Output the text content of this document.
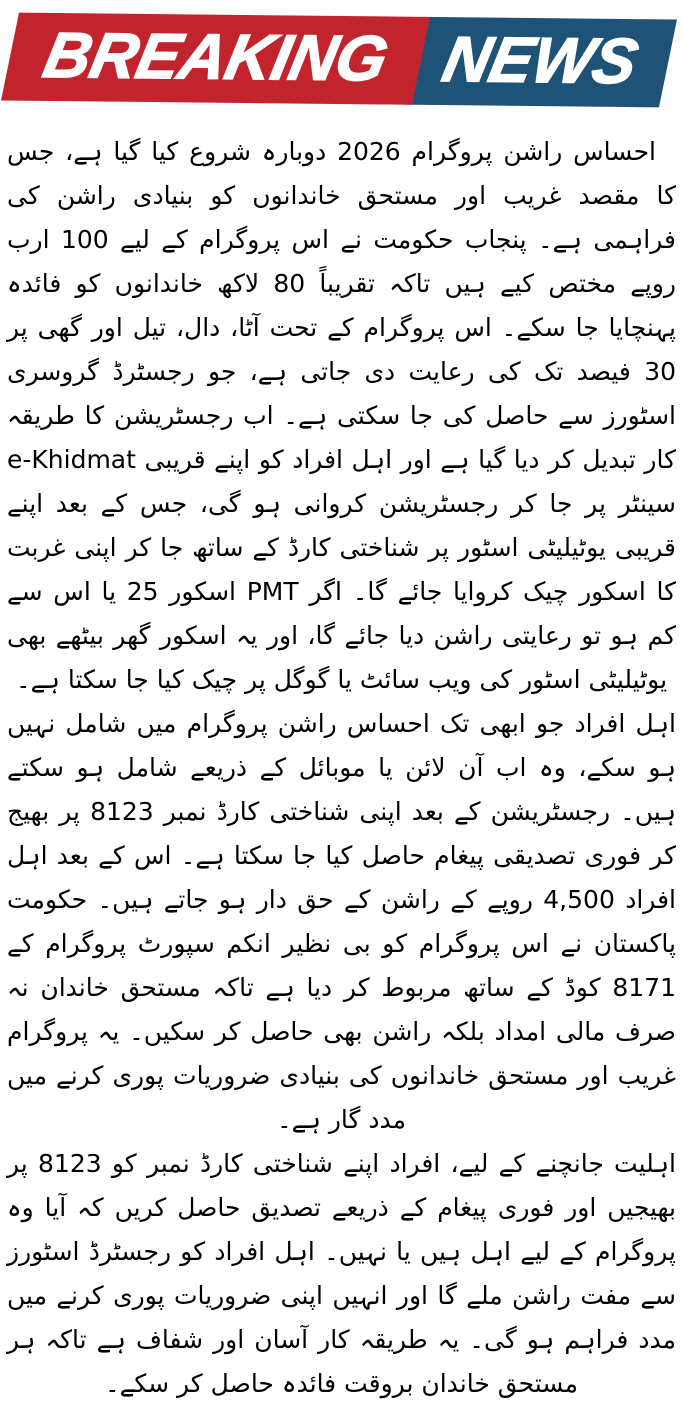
BREAKING NEWS

احساس راشن پروگرام 2026 دوبارہ شروع کیا گیا ہے، جس کا مقصد غریب اور مستحق خاندانوں کو بنیادی راشن کی فراہمی ہے۔ پنجاب حکومت نے اس پروگرام کے لیے 100 ارب روپے مختص کیے ہیں تاکہ تقریباً 80 لاکھ خاندانوں کو فائدہ پہنچایا جا سکے۔ اس پروگرام کے تحت آٹا، دال، تیل اور گھی پر 30 فیصد تک کی رعایت دی جاتی ہے، جو رجسٹرڈ گروسری اسٹورز سے حاصل کی جا سکتی ہے۔ اب رجسٹریشن کا طریقہ کار تبدیل کر دیا گیا ہے اور اہل افراد کو اپنے قریبی e-Khidmat سینٹر پر جا کر رجسٹریشن کروانی ہو گی، جس کے بعد اپنے قریبی یوٹیلیٹی اسٹور پر شناختی کارڈ کے ساتھ جا کر اپنی غربت کا اسکور چیک کروایا جائے گا۔ اگر PMT اسکور 25 یا اس سے کم ہو تو رعایتی راشن دیا جائے گا، اور یہ اسکور گھر بیٹھے بھی یوٹیلیٹی اسٹور کی ویب سائٹ یا گوگل پر چیک کیا جا سکتا ہے۔

اہل افراد جو ابھی تک احساس راشن پروگرام میں شامل نہیں ہو سکے، وہ اب آن لائن یا موبائل کے ذریعے شامل ہو سکتے ہیں۔ رجسٹریشن کے بعد اپنی شناختی کارڈ نمبر 8123 پر بھیج کر فوری تصدیقی پیغام حاصل کیا جا سکتا ہے۔ اس کے بعد اہل افراد 4,500 روپے کے راشن کے حق دار ہو جاتے ہیں۔ حکومت پاکستان نے اس پروگرام کو بی نظیر انکم سپورٹ پروگرام کے 8171 کوڈ کے ساتھ مربوط کر دیا ہے تاکہ مستحق خاندان نہ صرف مالی امداد بلکہ راشن بھی حاصل کر سکیں۔ یہ پروگرام غریب اور مستحق خاندانوں کی بنیادی ضروریات پوری کرنے میں مدد گار ہے۔

اہلیت جانچنے کے لیے، افراد اپنے شناختی کارڈ نمبر کو 8123 پر بھیجیں اور فوری پیغام کے ذریعے تصدیق حاصل کریں کہ آیا وہ پروگرام کے لیے اہل ہیں یا نہیں۔ اہل افراد کو رجسٹرڈ اسٹورز سے مفت راشن ملے گا اور انہیں اپنی ضروریات پوری کرنے میں مدد فراہم ہو گی۔ یہ طریقہ کار آسان اور شفاف ہے تاکہ ہر مستحق خاندان بروقت فائدہ حاصل کر سکے۔
